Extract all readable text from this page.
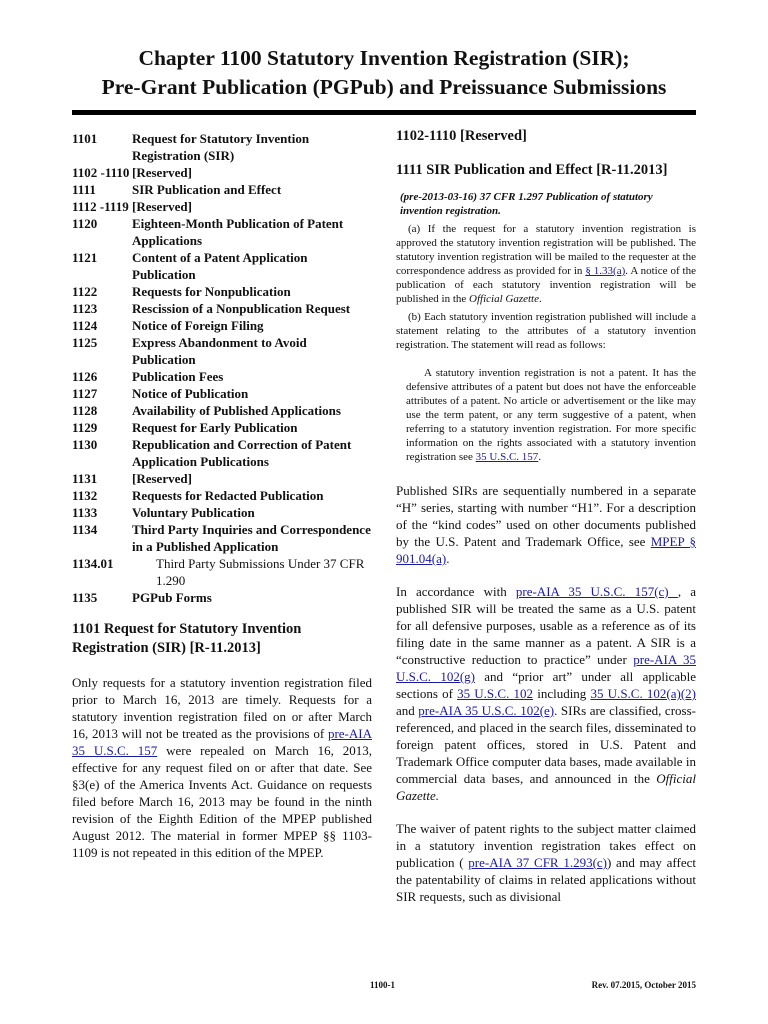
Chapter 1100 Statutory Invention Registration (SIR);
Pre-Grant Publication (PGPub) and Preissuance Submissions
1101	Request for Statutory Invention Registration (SIR)
1102 -1110 [Reserved]
1111	SIR Publication and Effect
1112 -1119 [Reserved]
1120	Eighteen-Month Publication of Patent Applications
1121	Content of a Patent Application Publication
1122	Requests for Nonpublication
1123	Rescission of a Nonpublication Request
1124	Notice of Foreign Filing
1125	Express Abandonment to Avoid Publication
1126	Publication Fees
1127	Notice of Publication
1128	Availability of Published Applications
1129	Request for Early Publication
1130	Republication and Correction of Patent Application Publications
1131	[Reserved]
1132	Requests for Redacted Publication
1133	Voluntary Publication
1134	Third Party Inquiries and Correspondence in a Published Application
1134.01	Third Party Submissions Under 37 CFR 1.290
1135	PGPub Forms
1101 Request for Statutory Invention Registration (SIR) [R-11.2013]

Only requests for a statutory invention registration filed prior to March 16, 2013 are timely. Requests for a statutory invention registration filed on or after March 16, 2013 will not be treated as the provisions of pre-AIA 35 U.S.C. 157 were repealed on March 16, 2013, effective for any request filed on or after that date. See §3(e) of the America Invents Act. Guidance on requests filed before March 16, 2013 may be found in the ninth revision of the Eighth Edition of the MPEP published August 2012. The material in former MPEP §§ 1103-1109 is not repeated in this edition of the MPEP.

1102-1110 [Reserved]
1111 SIR Publication and Effect [R-11.2013]

(pre-2013-03-16) 37 CFR 1.297 Publication of statutory invention registration.

(a) If the request for a statutory invention registration is approved the statutory invention registration will be published. The statutory invention registration will be mailed to the requester at the correspondence address as provided for in § 1.33(a). A notice of the publication of each statutory invention registration will be published in the Official Gazette.

(b) Each statutory invention registration published will include a statement relating to the attributes of a statutory invention registration. The statement will read as follows:

A statutory invention registration is not a patent. It has the defensive attributes of a patent but does not have the enforceable attributes of a patent. No article or advertisement or the like may use the term patent, or any term suggestive of a patent, when referring to a statutory invention registration. For more specific information on the rights associated with a statutory invention registration see 35 U.S.C. 157.

Published SIRs are sequentially numbered in a separate “H” series, starting with number “H1”. For a description of the “kind codes” used on other documents published by the U.S. Patent and Trademark Office, see MPEP § 901.04(a).

In accordance with pre-AIA 35 U.S.C. 157(c) , a published SIR will be treated the same as a U.S. patent for all defensive purposes, usable as a reference as of its filing date in the same manner as a patent. A SIR is a “constructive reduction to practice” under pre-AIA 35 U.S.C. 102(g) and “prior art” under all applicable sections of 35 U.S.C. 102 including 35 U.S.C. 102(a)(2) and pre-AIA 35 U.S.C. 102(e). SIRs are classified, cross-referenced, and placed in the search files, disseminated to foreign patent offices, stored in U.S. Patent and Trademark Office computer data bases, made available in commercial data bases, and announced in the Official Gazette.

The waiver of patent rights to the subject matter claimed in a statutory invention registration takes effect on publication ( pre-AIA 37 CFR 1.293(c)) and may affect the patentability of claims in related applications without SIR requests, such as divisional

1100-1	Rev. 07.2015, October 2015
